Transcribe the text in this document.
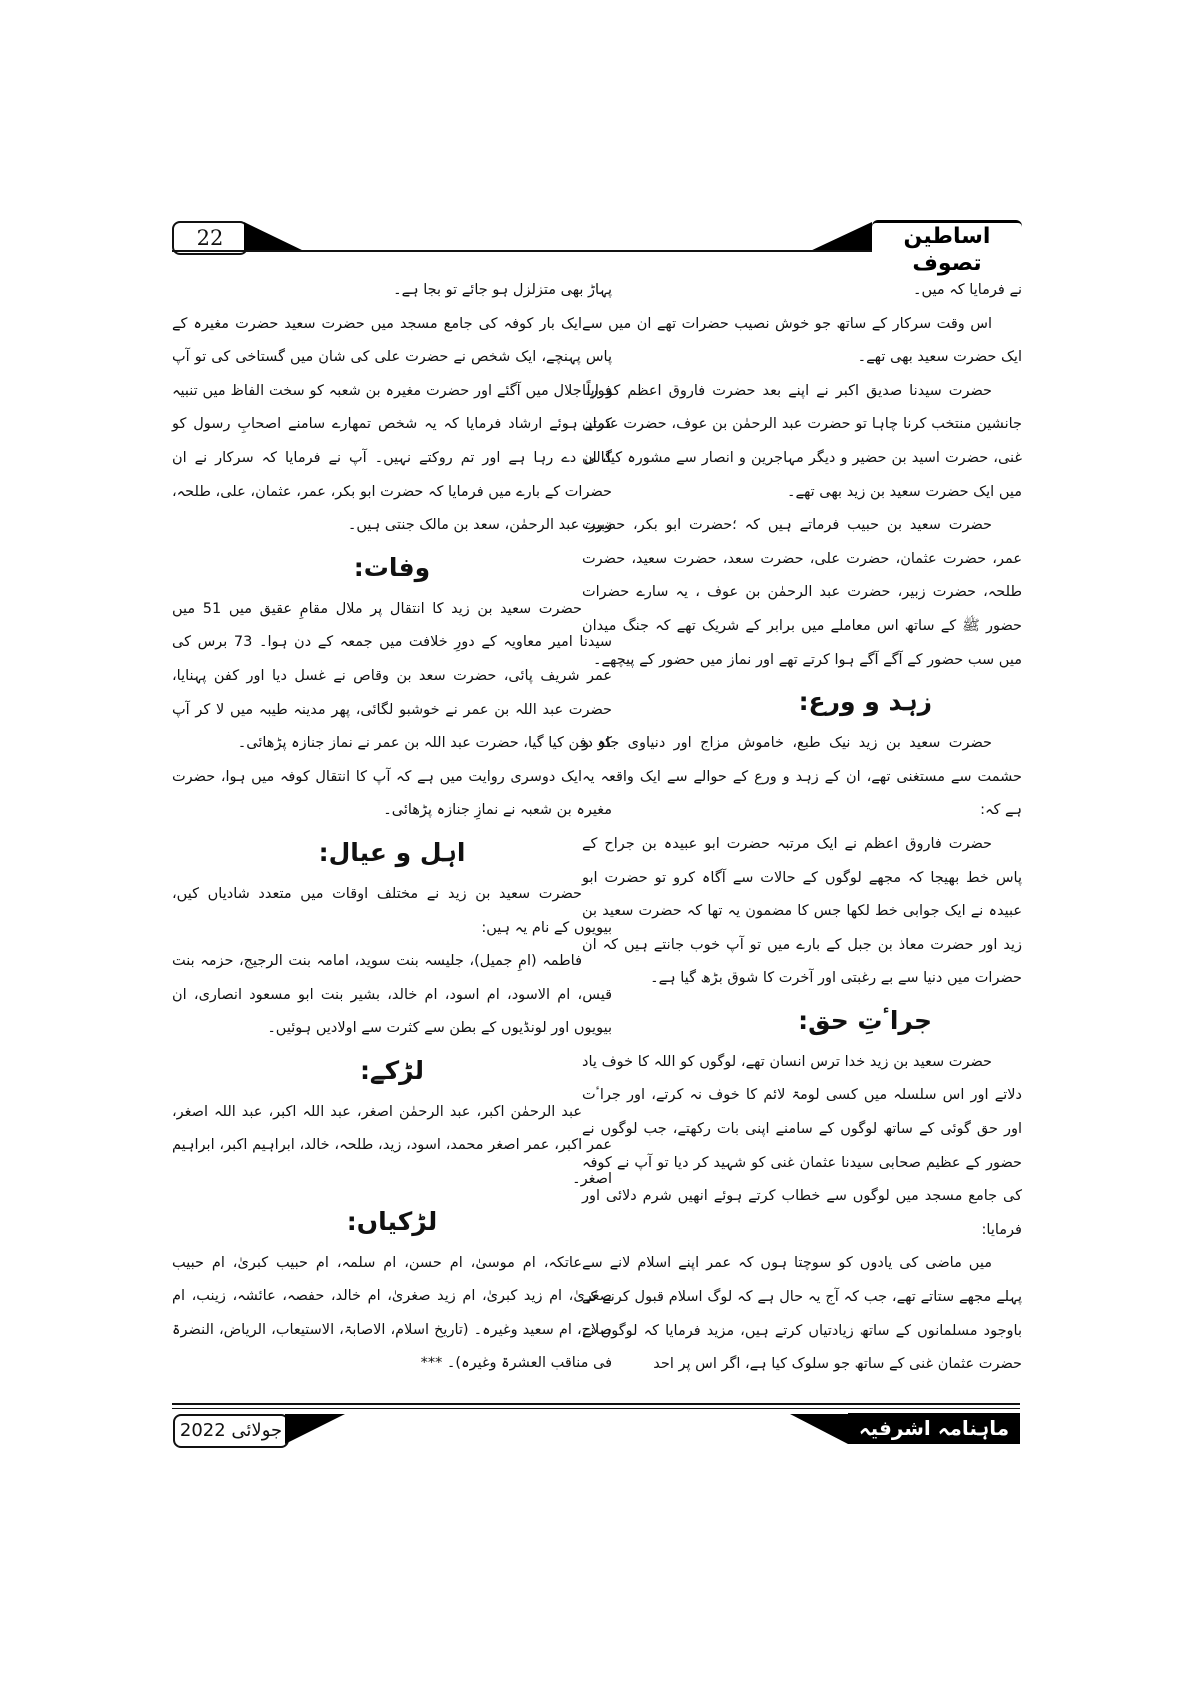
22	اساطین تصوف

نے فرمایا کہ میں۔

اس وقت سرکار کے ساتھ جو خوش نصیب حضرات تھے ان میں سے ایک حضرت سعید بھی تھے۔

حضرت سیدنا صدیق اکبر نے اپنے بعد حضرت فاروق اعظم کو اپنا جانشین منتخب کرنا چاہا تو حضرت عبد الرحمٰن بن عوف، حضرت عثمان غنی، حضرت اسید بن حضیر و دیگر مہاجرین و انصار سے مشورہ کیا، ان میں ایک حضرت سعید بن زید بھی تھے۔

حضرت سعید بن حبیب فرماتے ہیں کہ ؛حضرت ابو بکر، حضرت عمر، حضرت عثمان، حضرت علی، حضرت سعد، حضرت سعید، حضرت طلحہ، حضرت زبیر، حضرت عبد الرحمٰن بن عوف ، یہ سارے حضرات حضور ﷺ کے ساتھ اس معاملے میں برابر کے شریک تھے کہ جنگ میدان میں سب حضور کے آگے آگے ہوا کرتے تھے اور نماز میں حضور کے پیچھے۔

زہد و ورع:

حضرت سعید بن زید نیک طبع، خاموش مزاج اور دنیاوی جاہ و حشمت سے مستغنی تھے، ان کے زہد و ورع کے حوالے سے ایک واقعہ یہ ہے کہ:

حضرت فاروق اعظم نے ایک مرتبہ حضرت ابو عبیدہ بن جراح کے پاس خط بھیجا کہ مجھے لوگوں کے حالات سے آگاہ کرو تو حضرت ابو عبیدہ نے ایک جوابی خط لکھا جس کا مضمون یہ تھا کہ حضرت سعید بن زید اور حضرت معاذ بن جبل کے بارے میں تو آپ خوب جانتے ہیں کہ ان حضرات میں دنیا سے بے رغبتی اور آخرت کا شوق بڑھ گیا ہے۔

جراٴتِ حق:

حضرت سعید بن زید خدا ترس انسان تھے، لوگوں کو اللہ کا خوف یاد دلاتے اور اس سلسلہ میں کسی لومۃ لائم کا خوف نہ کرتے، اور جراٴت اور حق گوئی کے ساتھ لوگوں کے سامنے اپنی بات رکھتے، جب لوگوں نے حضور کے عظیم صحابی سیدنا عثمان غنی کو شہید کر دیا تو آپ نے کوفہ کی جامع مسجد میں لوگوں سے خطاب کرتے ہوئے انھیں شرم دلائی اور فرمایا:

میں ماضی کی یادوں کو سوچتا ہوں کہ عمر اپنے اسلام لانے سے پہلے مجھے ستاتے تھے، جب کہ آج یہ حال ہے کہ لوگ اسلام قبول کرنے کے باوجود مسلمانوں کے ساتھ زیادتیاں کرتے ہیں، مزید فرمایا کہ لوگوں نے حضرت عثمان غنی کے ساتھ جو سلوک کیا ہے، اگر اس پر احد

پہاڑ بھی متزلزل ہو جائے تو بجا ہے۔

ایک بار کوفہ کی جامع مسجد میں حضرت سعید حضرت مغیرہ کے پاس پہنچے، ایک شخص نے حضرت علی کی شان میں گستاخی کی تو آپ فوراً جلال میں آگئے اور حضرت مغیرہ بن شعبہ کو سخت الفاظ میں تنبیہ کرتے ہوئے ارشاد فرمایا کہ یہ شخص تمھارے سامنے اصحابِ رسول کو گالی دے رہا ہے اور تم روکتے نہیں۔ آپ نے فرمایا کہ سرکار نے ان حضرات کے بارے میں فرمایا کہ حضرت ابو بکر، عمر، عثمان، علی، طلحہ، زبیر، عبد الرحمٰن، سعد بن مالک جنتی ہیں۔

وفات:

حضرت سعید بن زید کا انتقال پر ملال مقامِ عقیق میں 51 میں سیدنا امیر معاویہ کے دورِ خلافت میں جمعہ کے دن ہوا۔ 73 برس کی عمر شریف پائی، حضرت سعد بن وقاص نے غسل دیا اور کفن پہنایا، حضرت عبد اللہ بن عمر نے خوشبو لگائی، پھر مدینہ طیبہ میں لا کر آپ کو دفن کیا گیا، حضرت عبد اللہ بن عمر نے نماز جنازہ پڑھائی۔

ایک دوسری روایت میں ہے کہ آپ کا انتقال کوفہ میں ہوا، حضرت مغیرہ بن شعبہ نے نمازِ جنازہ پڑھائی۔

اہل و عیال:

حضرت سعید بن زید نے مختلف اوقات میں متعدد شادیاں کیں، بیویوں کے نام یہ ہیں:

فاطمہ (امِ جمیل)، جلیسہ بنت سوید، امامہ بنت الرجیج، حزمہ بنت قیس، ام الاسود، ام اسود، ام خالد، بشیر بنت ابو مسعود انصاری، ان بیویوں اور لونڈیوں کے بطن سے کثرت سے اولادیں ہوئیں۔

لڑکے:

عبد الرحمٰن اکبر، عبد الرحمٰن اصغر، عبد اللہ اکبر، عبد اللہ اصغر، عمر اکبر، عمر اصغر محمد، اسود، زید، طلحہ، خالد، ابراہیم اکبر، ابراہیم اصغر۔

لڑکیاں:

عاتکہ، ام موسیٰ، ام حسن، ام سلمہ، ام حبیب کبریٰ، ام حبیب صغریٰ، ام زید کبریٰ، ام زید صغریٰ، ام خالد، حفصہ، عائشہ، زینب، ام صلاح، ام سعید وغیرہ۔ (تاریخ اسلام، الاصابۃ، الاستیعاب، الریاض، النضرۃ فی مناقب العشرۃ وغیرہ)۔ ***

جولائی 2022	ماہنامہ اشرفیہ
